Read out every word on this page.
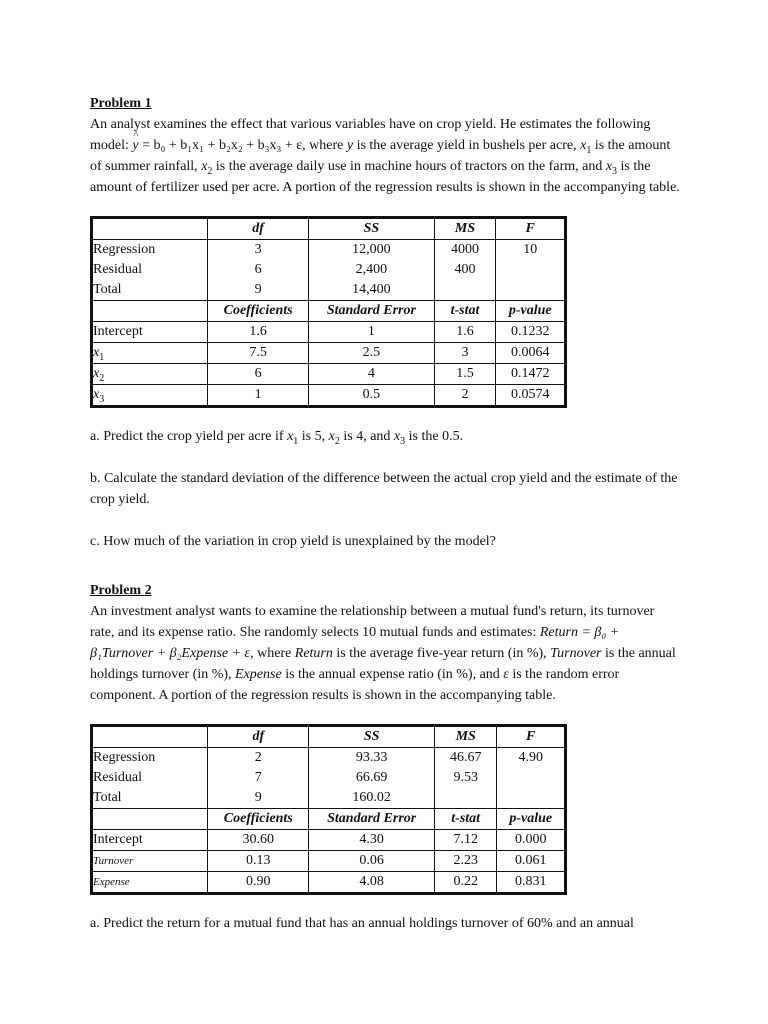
Problem 1

An analyst examines the effect that various variables have on crop yield. He estimates the following model: ^ y = b₀ + b₁x₁ + b₂x₂ + b₃x₃ + ε, where y is the average yield in bushels per acre, $x_1$ is the amount of summer rainfall, $x_2$ is the average daily use in machine hours of tractors on the farm, and $x_3$ is the amount of fertilizer used per acre. A portion of the regression results is shown in the accompanying table.

	df	SS	MS	F
Regression	3	12,000	4000	10
Residual	6	2,400	400	
Total	9	14,400		
	Coefficients	Standard Error	t-stat	p-value
Intercept	1.6	1	1.6	0.1232
$x_1$	7.5	2.5	3	0.0064
$x_2$	6	4	1.5	0.1472
$x_3$	1	0.5	2	0.0574

a. Predict the crop yield per acre if $x_1$ is 5, $x_2$ is 4, and $x_3$ is the 0.5.

b. Calculate the standard deviation of the difference between the actual crop yield and the estimate of the crop yield.

c. How much of the variation in crop yield is unexplained by the model?

Problem 2

An investment analyst wants to examine the relationship between a mutual fund's return, its turnover rate, and its expense ratio. She randomly selects 10 mutual funds and estimates: Return = β₀ + β₁Turnover + β₂Expense + ε, where Return is the average five-year return (in %), Turnover is the annual holdings turnover (in %), Expense is the annual expense ratio (in %), and ε is the random error component. A portion of the regression results is shown in the accompanying table.

	df	SS	MS	F
Regression	2	93.33	46.67	4.90
Residual	7	66.69	9.53	
Total	9	160.02		
	Coefficients	Standard Error	t-stat	p-value
Intercept	30.60	4.30	7.12	0.000
Turnover	0.13	0.06	2.23	0.061
Expense	0.90	4.08	0.22	0.831

a. Predict the return for a mutual fund that has an annual holdings turnover of 60% and an annual
